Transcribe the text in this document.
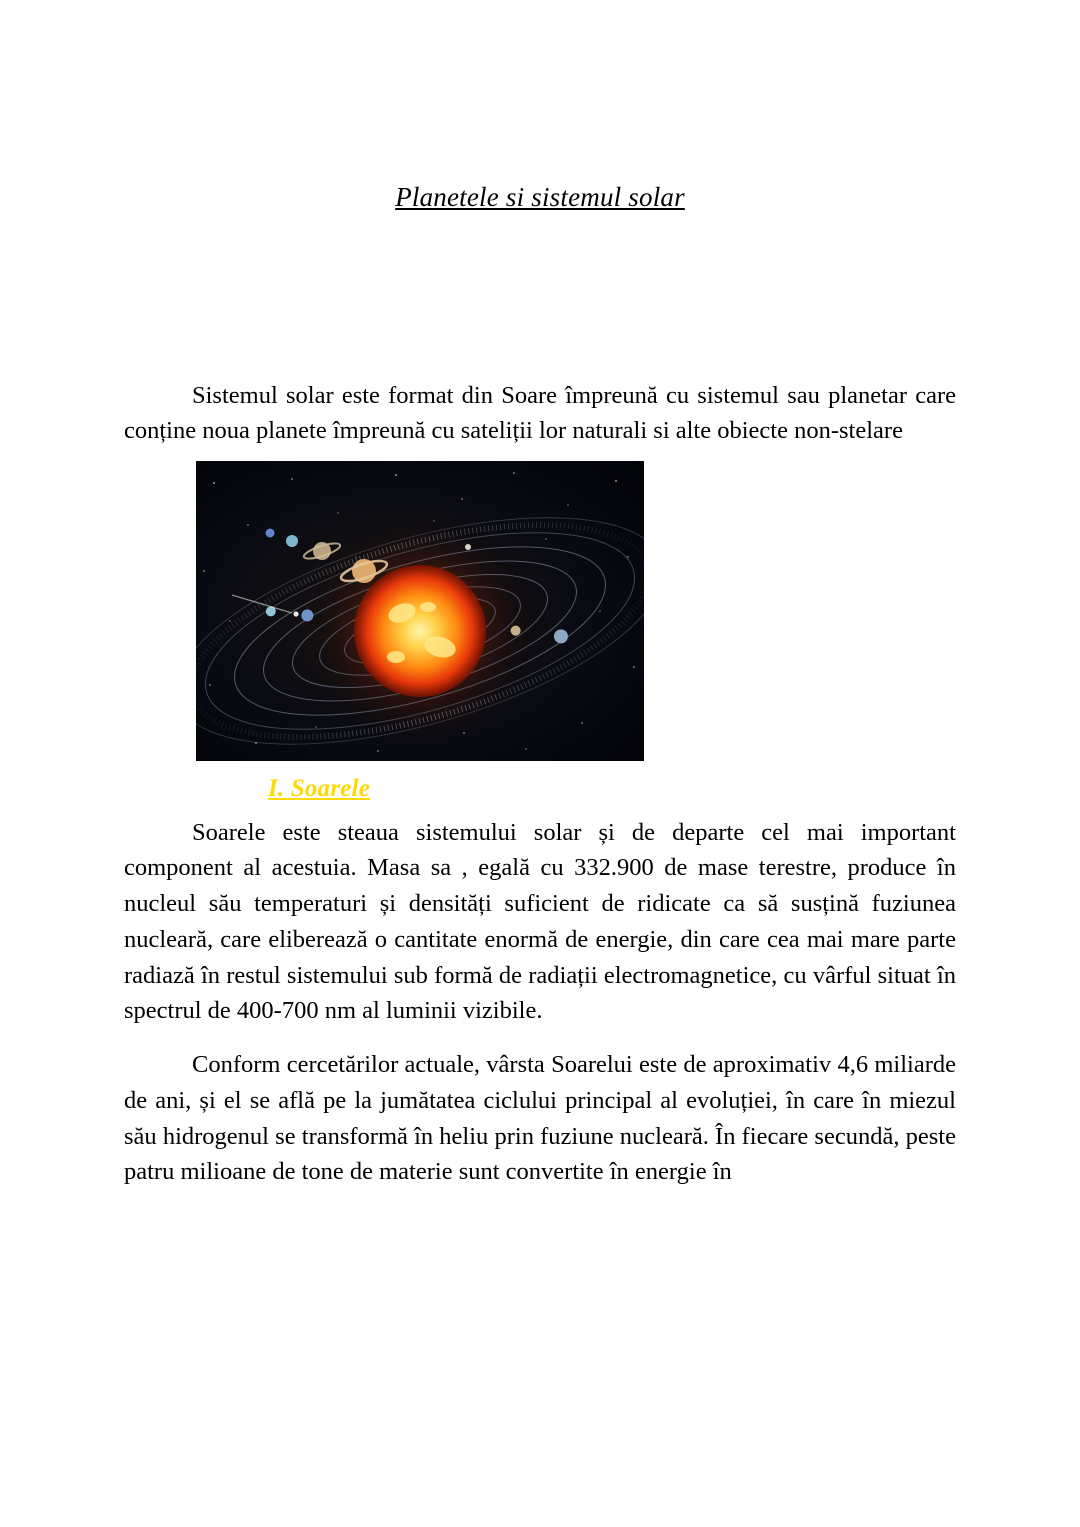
Planetele si sistemul solar

Sistemul solar este format din Soare împreună cu sistemul sau planetar care conține noua planete împreună cu sateliții lor naturali si alte obiecte non-stelare

I. Soarele

Soarele este steaua sistemului solar și de departe cel mai important component al acestuia. Masa sa , egală cu 332.900 de mase terestre, produce în nucleul său temperaturi și densități suficient de ridicate ca să susțină fuziunea nucleară, care eliberează o cantitate enormă de energie, din care cea mai mare parte radiază în restul sistemului sub formă de radiații electromagnetice, cu vârful situat în spectrul de 400-700 nm al luminii vizibile.

Conform cercetărilor actuale, vârsta Soarelui este de aproximativ 4,6 miliarde de ani, și el se află pe la jumătatea ciclului principal al evoluției, în care în miezul său hidrogenul se transformă în heliu prin fuziune nucleară. În fiecare secundă, peste patru milioane de tone de materie sunt convertite în energie în
